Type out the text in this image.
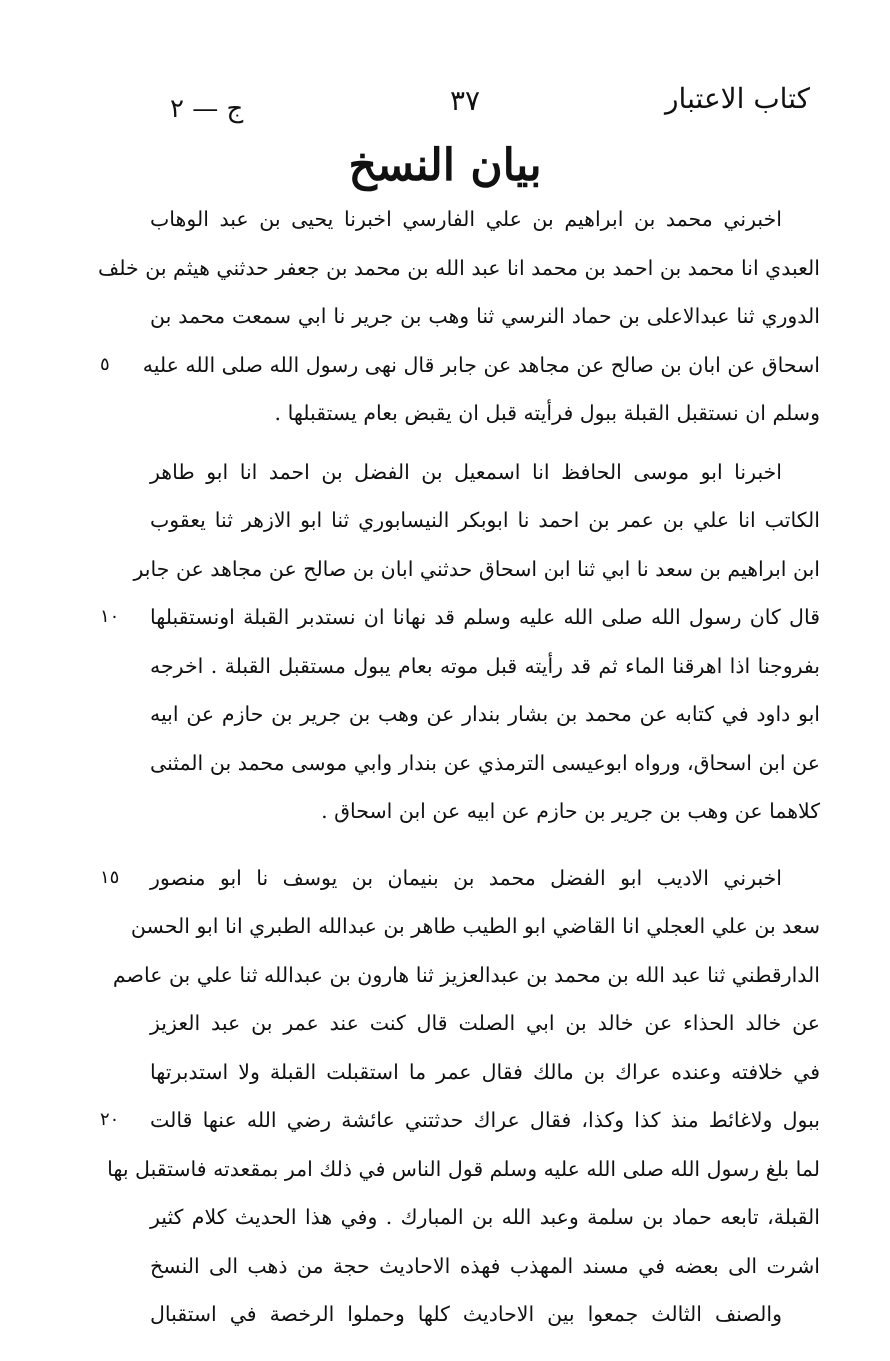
كتاب الاعتبار
٣٧
ج — ٢
بيان النسخ
اخبرني محمد بن ابراهيم بن علي الفارسي اخبرنا يحيى بن عبد الوهاب
العبدي انا محمد بن احمد بن محمد انا عبد الله بن محمد بن جعفر حدثني هيثم بن خلف
الدوري ثنا عبدالاعلى بن حماد النرسي ثنا وهب بن جرير نا ابي سمعت محمد بن
اسحاق عن ابان بن صالح عن مجاهد عن جابر قال نهى رسول الله صلى الله عليه
٥
وسلم ان نستقبل القبلة ببول فرأيته قبل ان يقبض بعام يستقبلها .
اخبرنا ابو موسى الحافظ انا اسمعيل بن الفضل بن احمد انا ابو طاهر
الكاتب انا علي بن عمر بن احمد نا ابوبكر النيسابوري ثنا ابو الازهر ثنا يعقوب
ابن ابراهيم بن سعد نا ابي ثنا ابن اسحاق حدثني ابان بن صالح عن مجاهد عن جابر
قال كان رسول الله صلى الله عليه وسلم قد نهانا ان نستدبر القبلة اونستقبلها
١٠
بفروجنا اذا اهرقنا الماء ثم قد رأيته قبل موته بعام يبول مستقبل القبلة . اخرجه
ابو داود في كتابه عن محمد بن بشار بندار عن وهب بن جرير بن حازم عن ابيه
عن ابن اسحاق، ورواه ابوعيسى الترمذي عن بندار وابي موسى محمد بن المثنى
كلاهما عن وهب بن جرير بن حازم عن ابيه عن ابن اسحاق .
اخبرني الاديب ابو الفضل محمد بن بنيمان بن يوسف نا ابو منصور
١٥
سعد بن علي العجلي انا القاضي ابو الطيب طاهر بن عبدالله الطبري انا ابو الحسن
الدارقطني ثنا عبد الله بن محمد بن عبدالعزيز ثنا هارون بن عبدالله ثنا علي بن عاصم
عن خالد الحذاء عن خالد بن ابي الصلت قال كنت عند عمر بن عبد العزيز
في خلافته وعنده عراك بن مالك فقال عمر ما استقبلت القبلة ولا استدبرتها
ببول ولاغائط منذ كذا وكذا، فقال عراك حدثتني عائشة رضي الله عنها قالت
٢٠
لما بلغ رسول الله صلى الله عليه وسلم قول الناس في ذلك امر بمقعدته فاستقبل بها
القبلة، تابعه حماد بن سلمة وعبد الله بن المبارك . وفي هذا الحديث كلام كثير
اشرت الى بعضه في مسند المهذب فهذه الاحاديث حجة من ذهب الى النسخ
والصنف الثالث جمعوا بين الاحاديث كلها وحملوا الرخصة في استقبال
